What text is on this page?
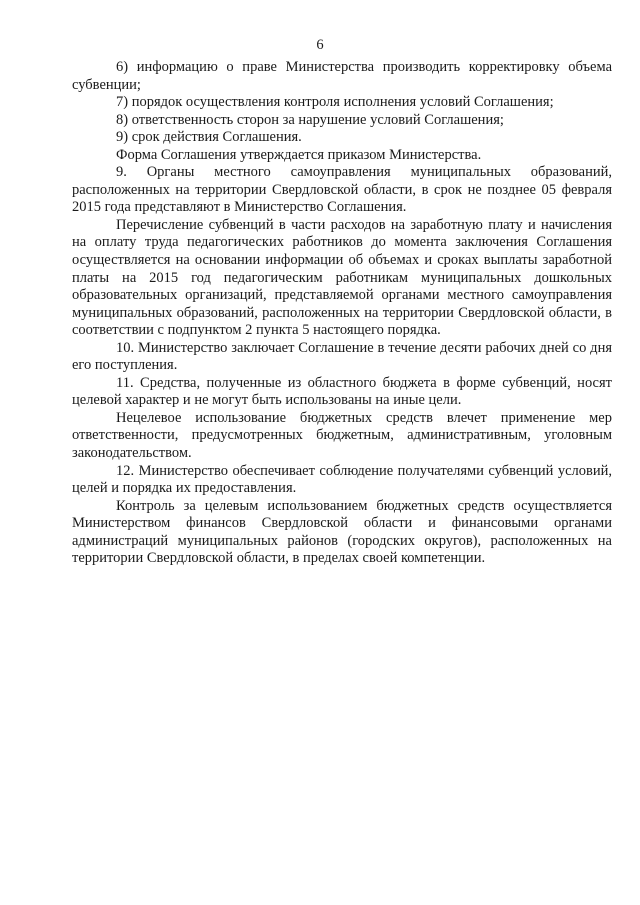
6

6) информацию о праве Министерства производить корректировку объема субвенции;

7) порядок осуществления контроля исполнения условий Соглашения;

8) ответственность сторон за нарушение условий Соглашения;

9) срок действия Соглашения.

Форма Соглашения утверждается приказом Министерства.

9. Органы местного самоуправления муниципальных образований, расположенных на территории Свердловской области, в срок не позднее 05 февраля 2015 года представляют в Министерство Соглашения.

Перечисление субвенций в части расходов на заработную плату и начисления на оплату труда педагогических работников до момента заключения Соглашения осуществляется на основании информации об объемах и сроках выплаты заработной платы на 2015 год педагогическим работникам муниципальных дошкольных образовательных организаций, представляемой органами местного самоуправления муниципальных образований, расположенных на территории Свердловской области, в соответствии с подпунктом 2 пункта 5 настоящего порядка.

10. Министерство заключает Соглашение в течение десяти рабочих дней со дня его поступления.

11. Средства, полученные из областного бюджета в форме субвенций, носят целевой характер и не могут быть использованы на иные цели.

Нецелевое использование бюджетных средств влечет применение мер ответственности, предусмотренных бюджетным, административным, уголовным законодательством.

12. Министерство обеспечивает соблюдение получателями субвенций условий, целей и порядка их предоставления.

Контроль за целевым использованием бюджетных средств осуществляется Министерством финансов Свердловской области и финансовыми органами администраций муниципальных районов (городских округов), расположенных на территории Свердловской области, в пределах своей компетенции.
